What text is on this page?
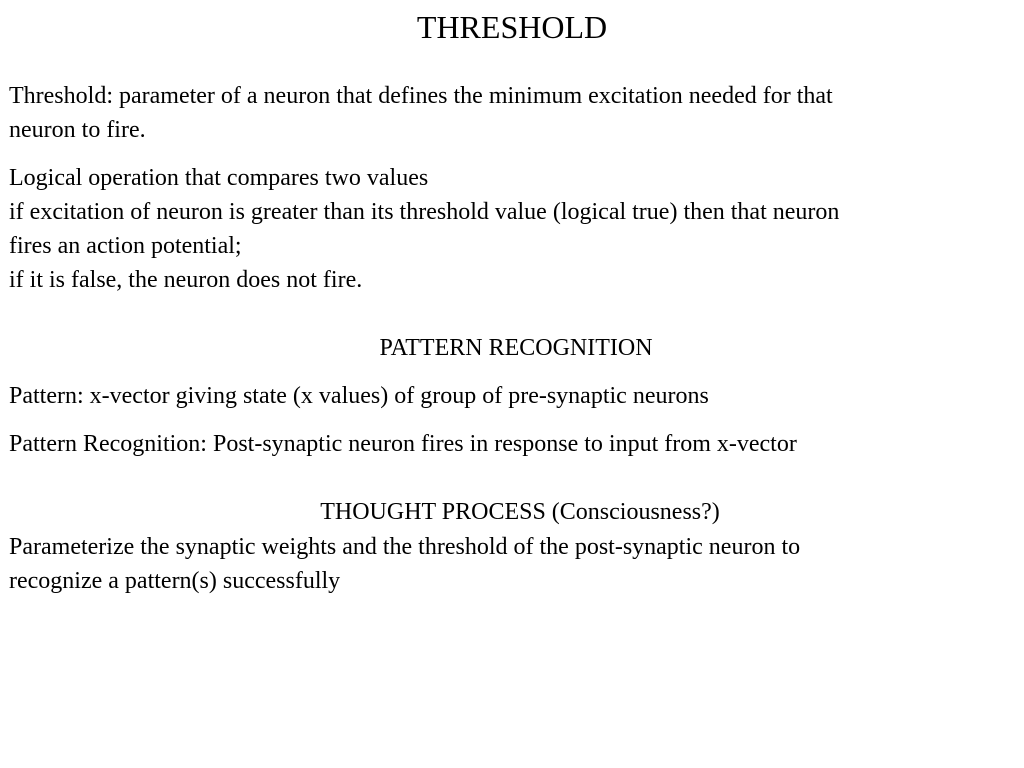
THRESHOLD
Threshold: parameter of a neuron that defines the minimum excitation needed for that
neuron to fire.
Logical operation that compares two values
if excitation of neuron is greater than its threshold value (logical true) then that neuron
fires an action potential;
if it is false, the neuron does not fire.
PATTERN RECOGNITION
Pattern: x-vector giving state (x values) of group of pre-synaptic neurons
Pattern Recognition: Post-synaptic neuron fires in response to input from x-vector
THOUGHT PROCESS (Consciousness?)
Parameterize the synaptic weights and the threshold of the post-synaptic neuron to
recognize a pattern(s) successfully
